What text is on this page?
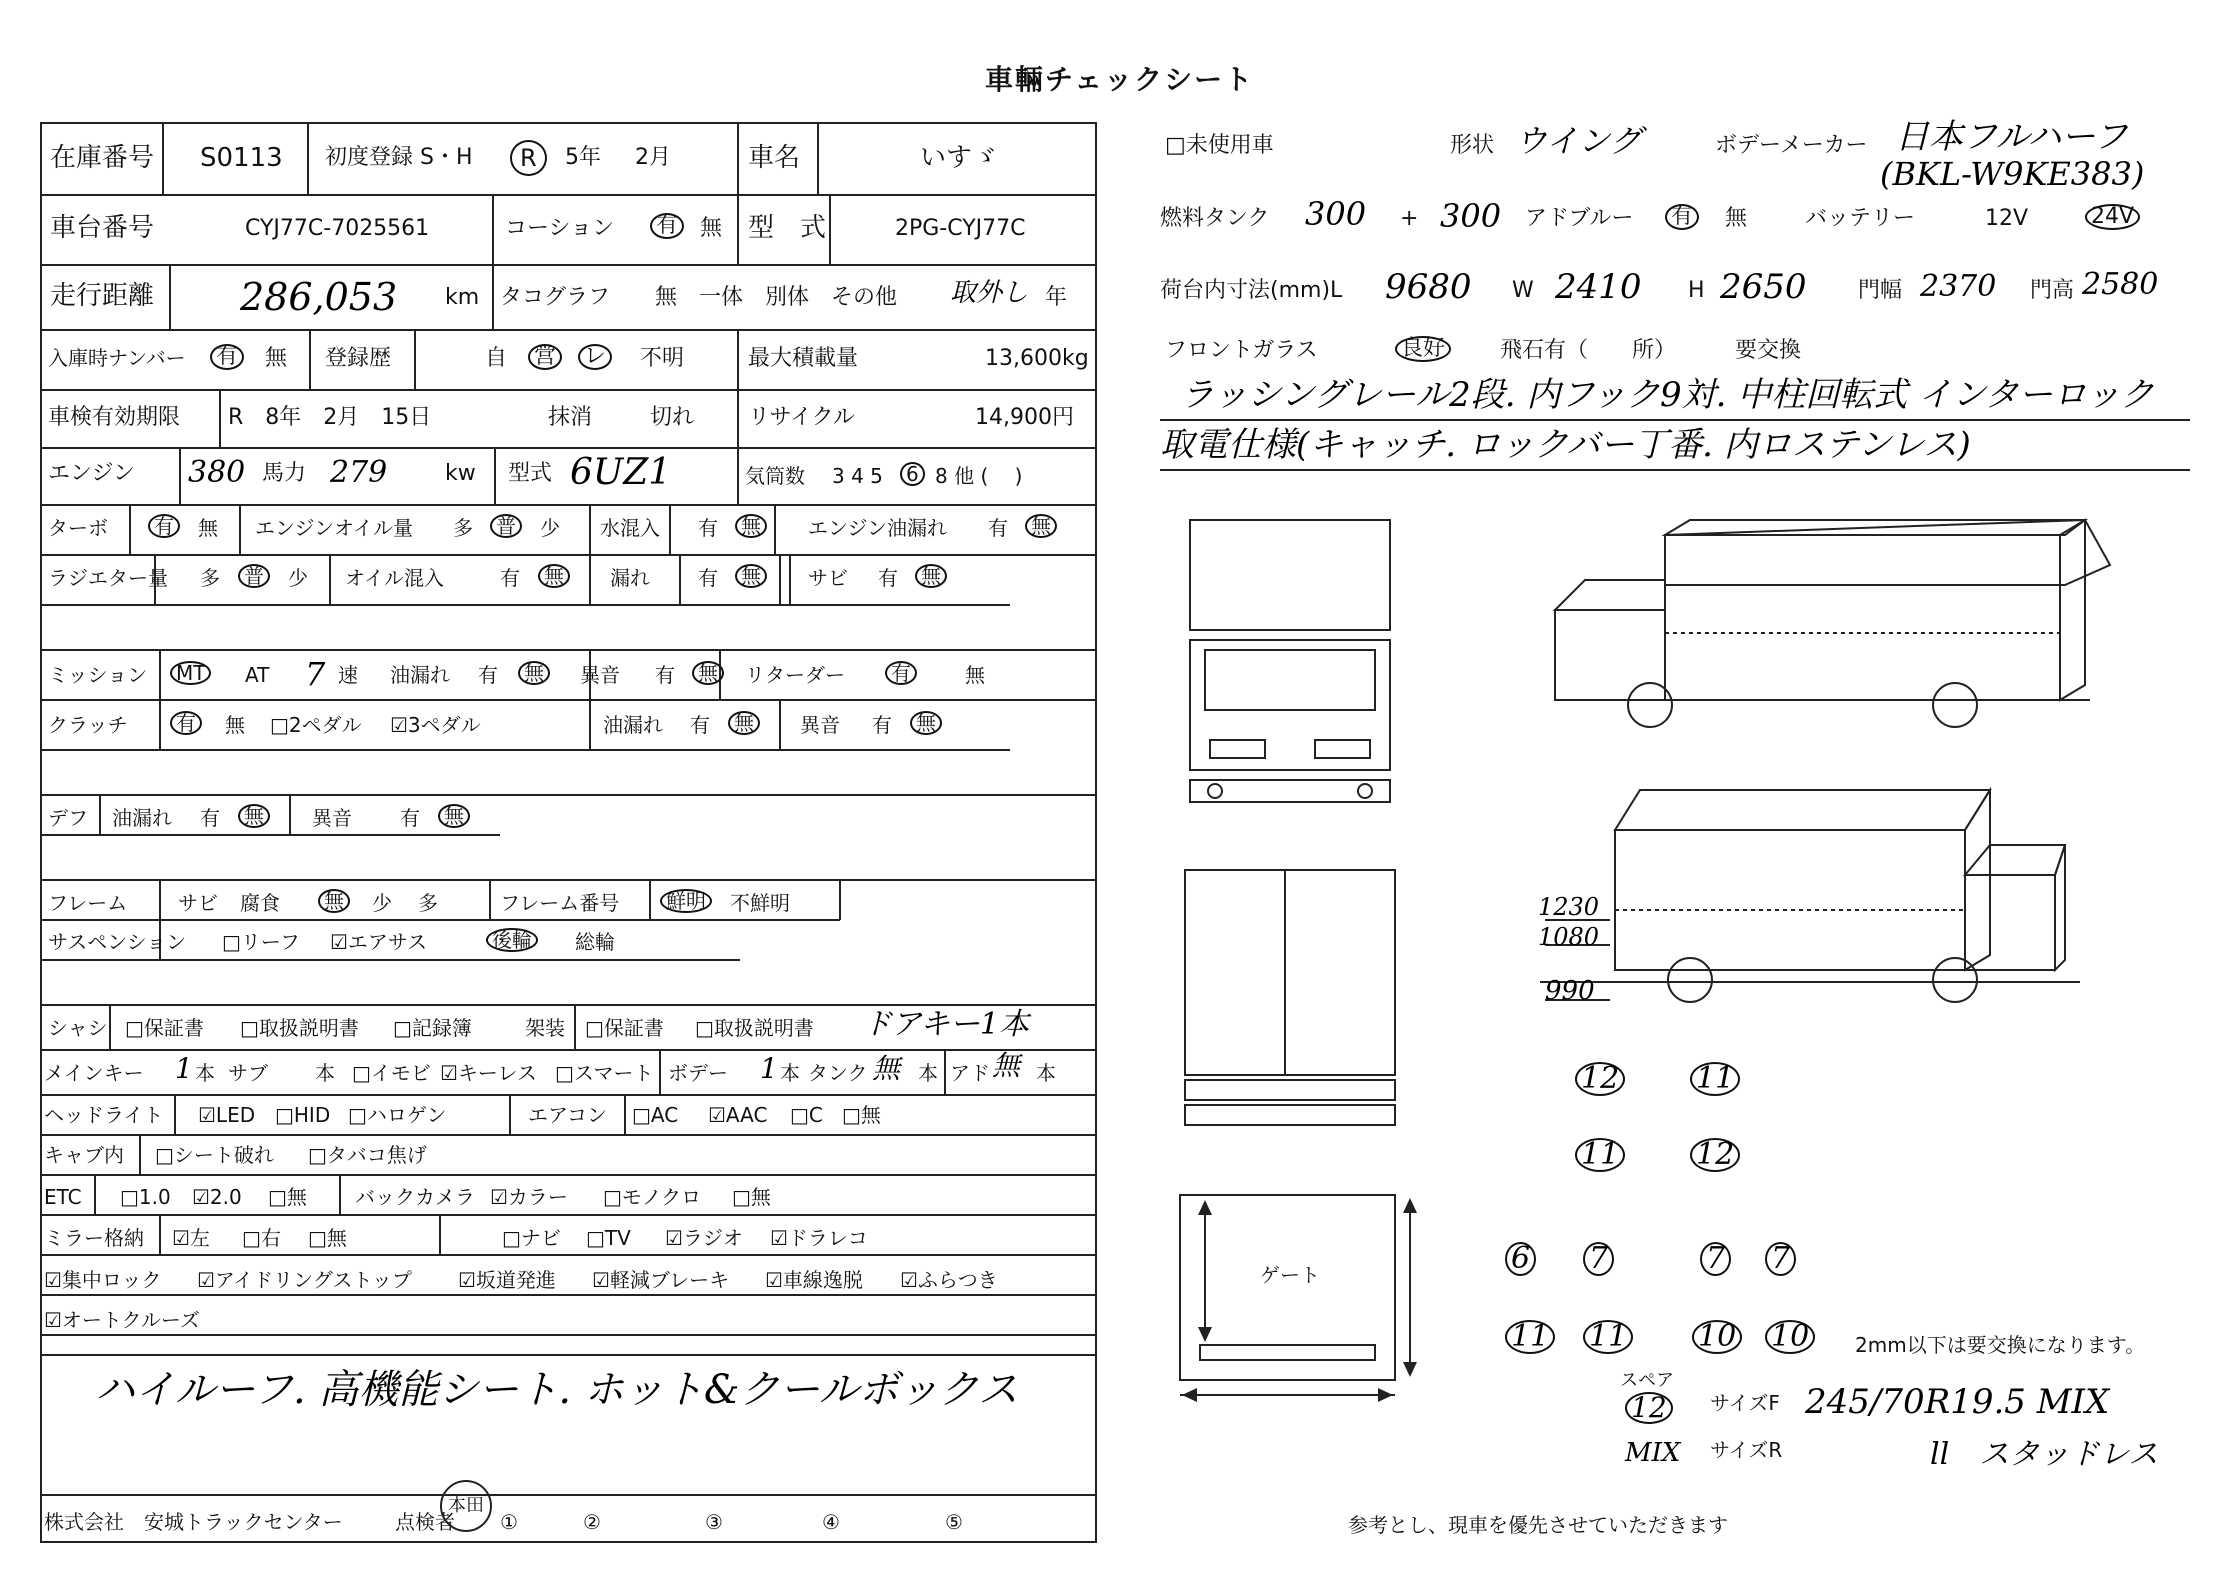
車輛チェックシート
在庫番号 S0113 初度登録 S・H	R	5年 2月	車名	いすゞ
車台番号	CYJ77C-7025561	コーション 有 無 型　式	2PG-CYJ77C
走行距離 286,053 km タコグラフ 無　一体　別体　その他 取外し 年
入庫時ナンバー 有 無 登録歴	自 営 レ 不明	最大積載量	13,600kg
車検有効期限 R　8年　2月　15日	抹消	切れ リサイクル	14,900円
エンジン 380 馬力 279	kw 型式 6UZ1	気筒数 3 4 5	6 8 他 (　 )
ターボ	有	無 エンジンオイル量 多	普	少 水混入 有	無	エンジン油漏れ 有	無
ラジエター量 多	普	少 オイル混入	有	無	漏れ 有	無	サビ 有	無
ミッション	MT	AT 7 速 油漏れ 有	無	異音 有	無	リターダー	有	無
クラッチ	有	無 □2ペダル ☑3ペダル	油漏れ 有	無	異音 有	無
デフ 油漏れ 有	無	異音 有	無
フレーム	サビ 腐食	無	少 多	フレーム番号	鮮明	不鮮明
サスペンション □リーフ ☑エアサス	後輪	総輪
シャシ □保証書 □取扱説明書 □記録簿	架装 □保証書 □取扱説明書 ドアキー1本
メインキー 1 本 サブ 本 □イモビ ☑キーレス □スマート ボデー 1 本 タンク 無 本 アド 無 本
ヘッドライト ☑LED □HID □ハロゲン	エアコン □AC ☑AAC □C □無
キャブ内 □シート破れ □タバコ焦げ
ETC □1.0 ☑2.0 □無 バックカメラ ☑カラー □モノクロ □無
ミラー格納 ☑左 □右 □無	□ナビ □TV ☑ラジオ ☑ドラレコ
☑集中ロック ☑アイドリングストップ ☑坂道発進 ☑軽減ブレーキ ☑車線逸脱 ☑ふらつき
☑オートクルーズ
ハイルーフ. 高機能シート. ホット&クールボックス
株式会社　安城トラックセンター	点検者
本田
①	②	③	④	⑤
□未使用車	形状 ウイング	ボデーメーカー 日本フルハーフ
(BKL-W9KE383)
燃料タンク 300 + 300 アドブルー 有 無	バッテリー	12V	24V
荷台内寸法(mm)L 9680 W 2410 H 2650 門幅 2370 門高 2580
フロントガラス	良好 飛石有（　　所）	要交換
ラッシングレール2段. 内フック9対. 中柱回転式 インターロック
取電仕様(キャッチ. ロックバー丁番. 内ロステンレス)
ゲート
1230
1080
990
12	11
11	12
6 7	7 7
11 11 10 10	2mm以下は要交換になります。
スペア
12	サイズF 245/70R19.5 MIX
MIX サイズR	ll　スタッドレス
参考とし、現車を優先させていただきます
